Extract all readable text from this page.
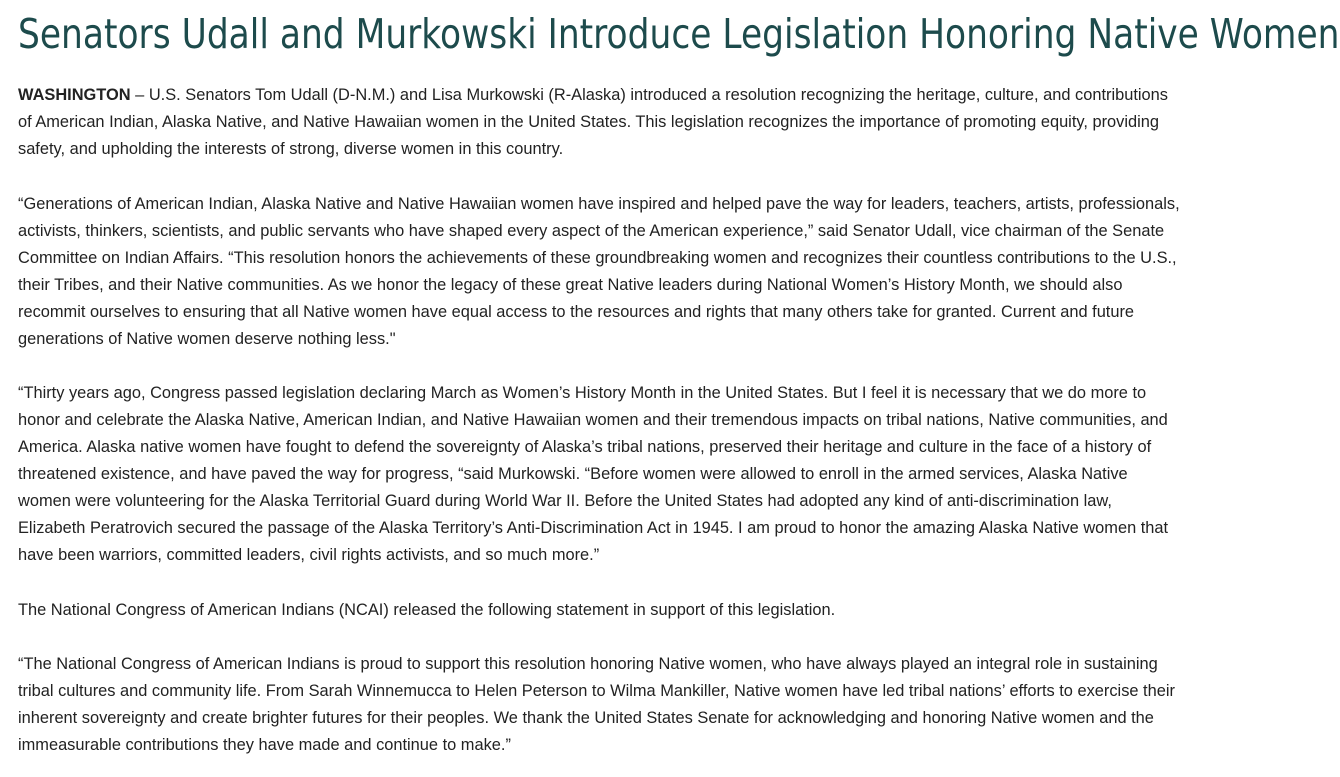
Senators Udall and Murkowski Introduce Legislation Honoring Native Women

WASHINGTON – U.S. Senators Tom Udall (D-N.M.) and Lisa Murkowski (R-Alaska) introduced a resolution recognizing the heritage, culture, and contributions of American Indian, Alaska Native, and Native Hawaiian women in the United States. This legislation recognizes the importance of promoting equity, providing safety, and upholding the interests of strong, diverse women in this country.

“Generations of American Indian, Alaska Native and Native Hawaiian women have inspired and helped pave the way for leaders, teachers, artists, professionals, activists, thinkers, scientists, and public servants who have shaped every aspect of the American experience,” said Senator Udall, vice chairman of the Senate Committee on Indian Affairs. “This resolution honors the achievements of these groundbreaking women and recognizes their countless contributions to the U.S., their Tribes, and their Native communities. As we honor the legacy of these great Native leaders during National Women’s History Month, we should also recommit ourselves to ensuring that all Native women have equal access to the resources and rights that many others take for granted. Current and future generations of Native women deserve nothing less."

“Thirty years ago, Congress passed legislation declaring March as Women’s History Month in the United States. But I feel it is necessary that we do more to honor and celebrate the Alaska Native, American Indian, and Native Hawaiian women and their tremendous impacts on tribal nations, Native communities, and America. Alaska native women have fought to defend the sovereignty of Alaska’s tribal nations, preserved their heritage and culture in the face of a history of threatened existence, and have paved the way for progress, “said Murkowski. “Before women were allowed to enroll in the armed services, Alaska Native women were volunteering for the Alaska Territorial Guard during World War II. Before the United States had adopted any kind of anti-discrimination law, Elizabeth Peratrovich secured the passage of the Alaska Territory’s Anti-Discrimination Act in 1945. I am proud to honor the amazing Alaska Native women that have been warriors, committed leaders, civil rights activists, and so much more.”

The National Congress of American Indians (NCAI) released the following statement in support of this legislation.

“The National Congress of American Indians is proud to support this resolution honoring Native women, who have always played an integral role in sustaining tribal cultures and community life. From Sarah Winnemucca to Helen Peterson to Wilma Mankiller, Native women have led tribal nations’ efforts to exercise their inherent sovereignty and create brighter futures for their peoples. We thank the United States Senate for acknowledging and honoring Native women and the immeasurable contributions they have made and continue to make.”
